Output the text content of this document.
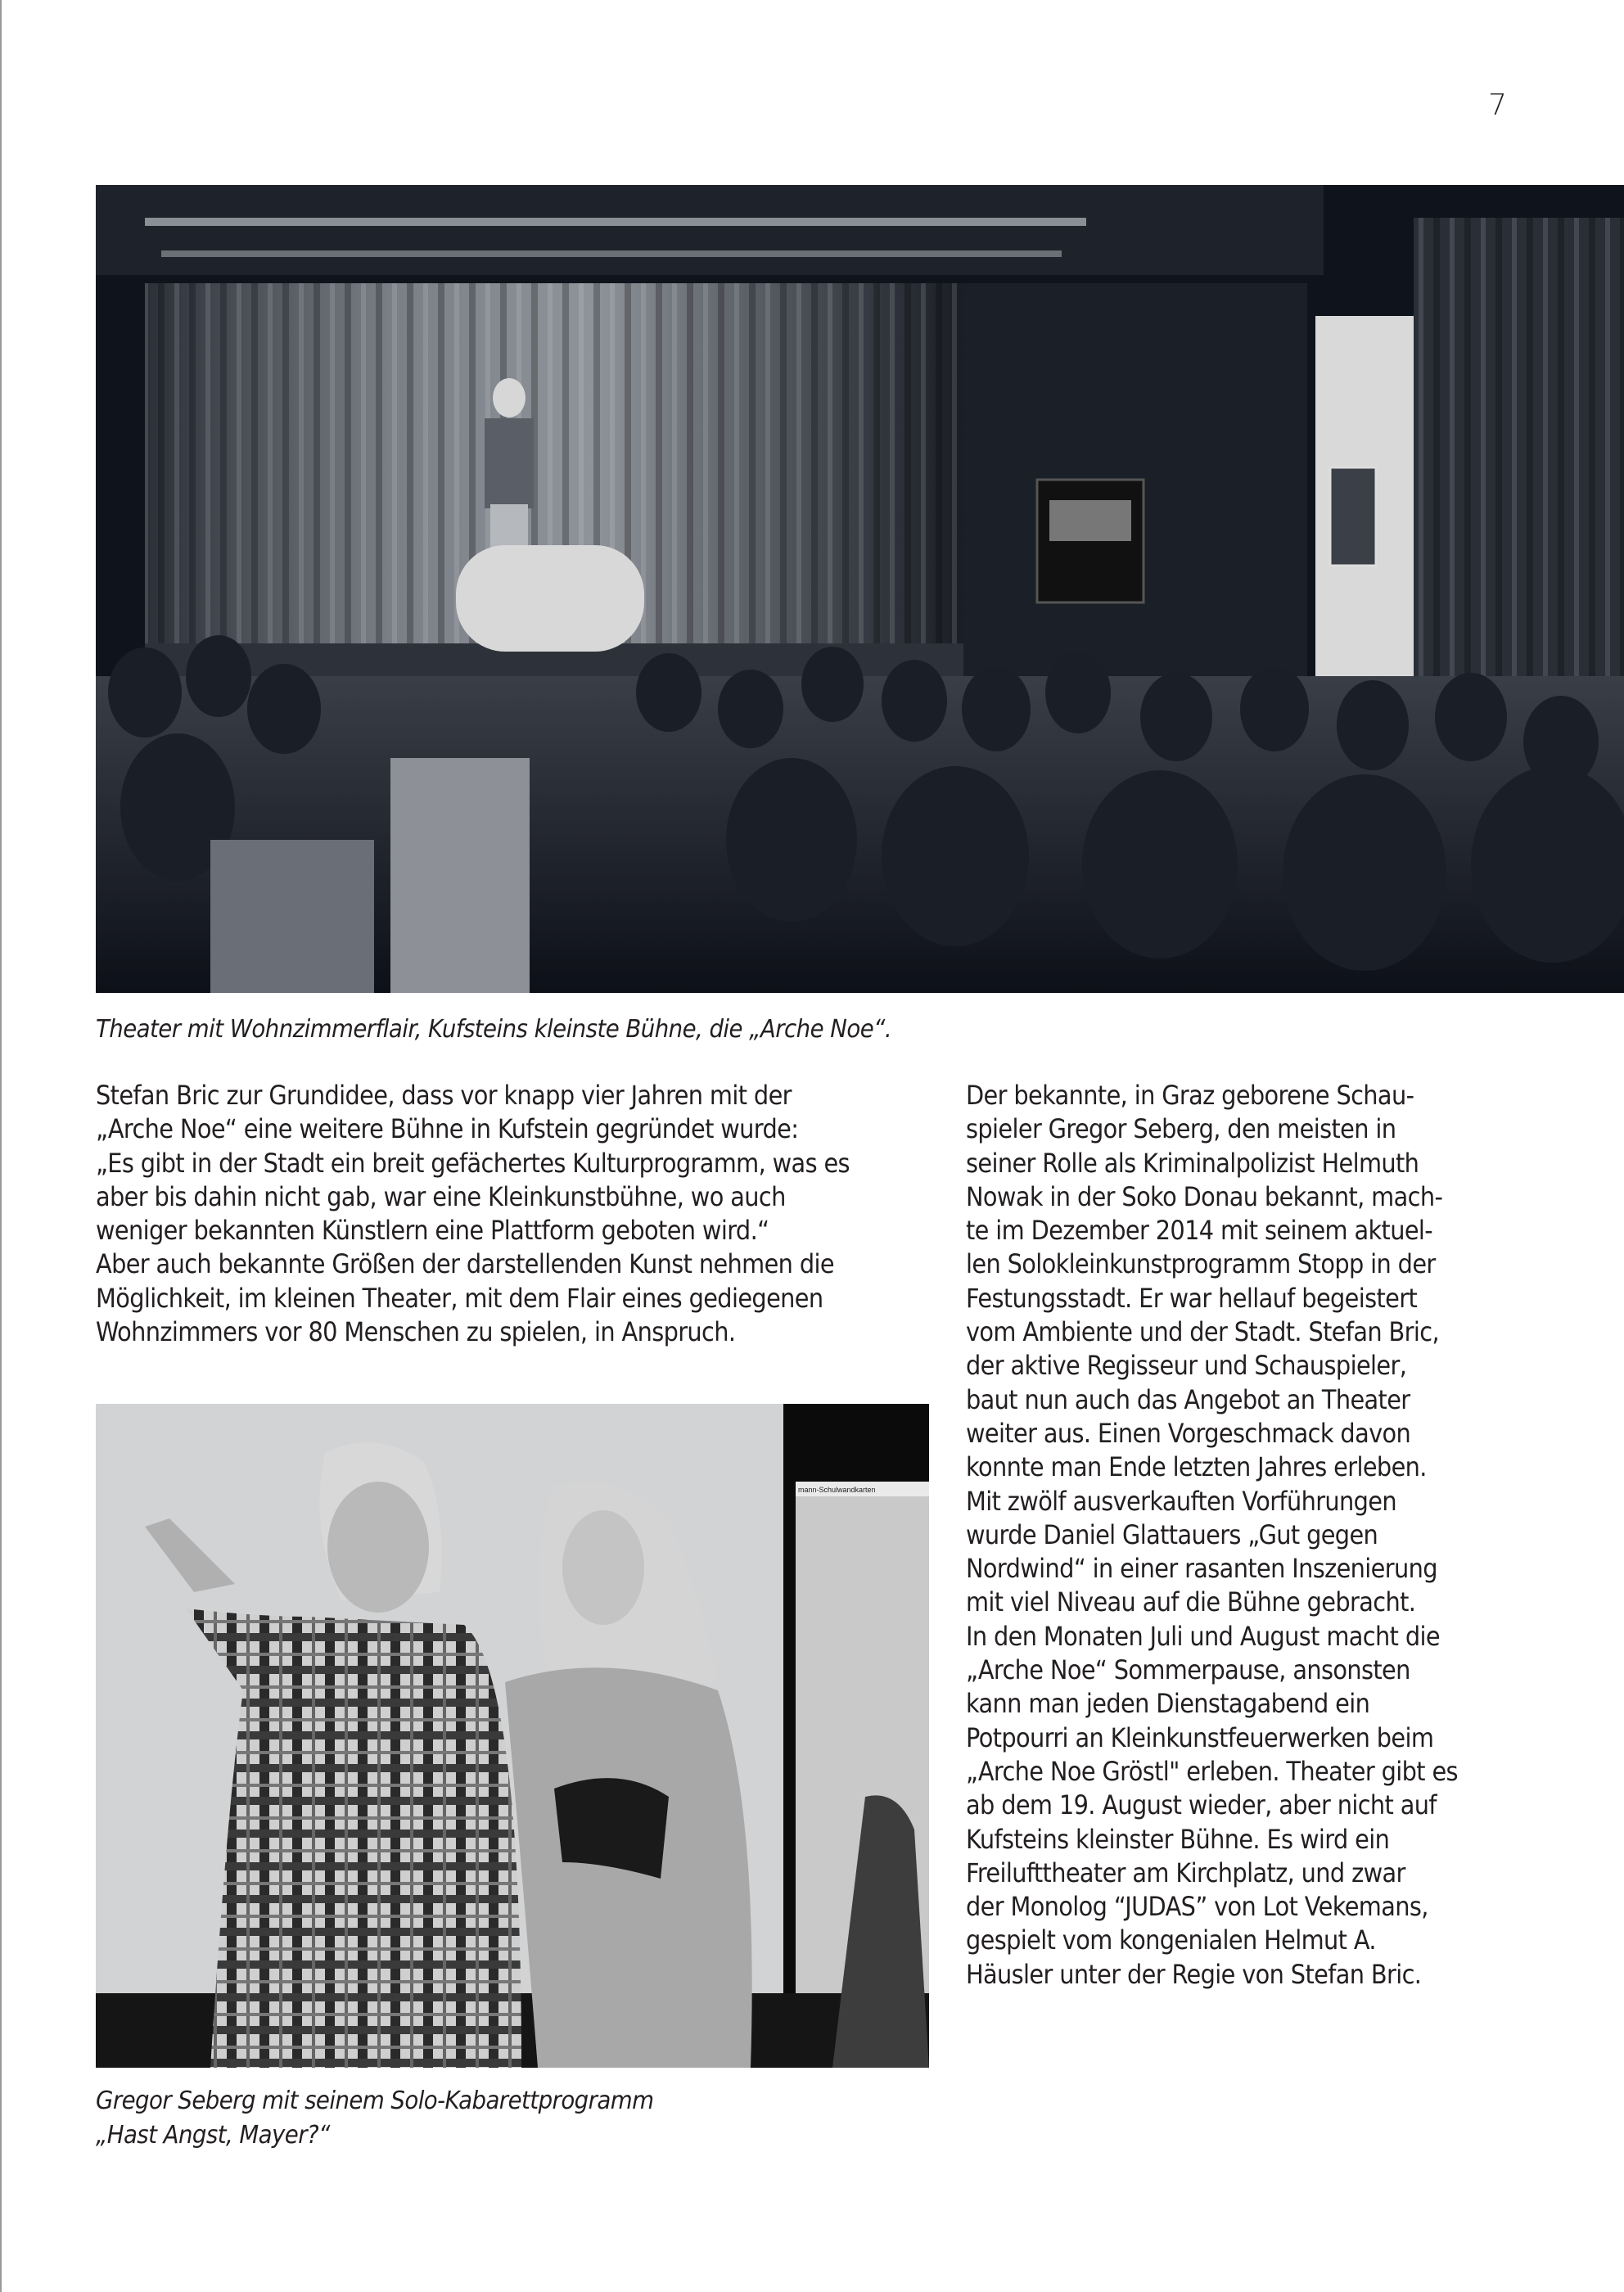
7
Theater mit Wohnzimmerflair, Kufsteins kleinste Bühne, die „Arche Noe“.
Stefan Bric zur Grundidee, dass vor knapp vier Jahren mit der
„Arche Noe“ eine weitere Bühne in Kufstein gegründet wurde:
„Es gibt in der Stadt ein breit gefächertes Kulturprogramm, was es
aber bis dahin nicht gab, war eine Kleinkunstbühne, wo auch
weniger bekannten Künstlern eine Plattform geboten wird.“
Aber auch bekannte Größen der darstellenden Kunst nehmen die
Möglichkeit, im kleinen Theater, mit dem Flair eines gediegenen
Wohnzimmers vor 80 Menschen zu spielen, in Anspruch.
mann-Schulwandkarten
Gregor Seberg mit seinem Solo-Kabarettprogramm
„Hast Angst, Mayer?“
Der bekannte, in Graz geborene Schau-
spieler Gregor Seberg, den meisten in
seiner Rolle als Kriminalpolizist Helmuth
Nowak in der Soko Donau bekannt, mach-
te im Dezember 2014 mit seinem aktuel-
len Solokleinkunstprogramm Stopp in der
Festungsstadt. Er war hellauf begeistert
vom Ambiente und der Stadt. Stefan Bric,
der aktive Regisseur und Schauspieler,
baut nun auch das Angebot an Theater
weiter aus. Einen Vorgeschmack davon
konnte man Ende letzten Jahres erleben.
Mit zwölf ausverkauften Vorführungen
wurde Daniel Glattauers „Gut gegen
Nordwind“ in einer rasanten Inszenierung
mit viel Niveau auf die Bühne gebracht.
In den Monaten Juli und August macht die
„Arche Noe“ Sommerpause, ansonsten
kann man jeden Dienstagabend ein
Potpourri an Kleinkunstfeuerwerken beim
„Arche Noe Gröstl" erleben. Theater gibt es
ab dem 19. August wieder, aber nicht auf
Kufsteins kleinster Bühne. Es wird ein
Freilufttheater am Kirchplatz, und zwar
der Monolog “JUDAS” von Lot Vekemans,
gespielt vom kongenialen Helmut A.
Häusler unter der Regie von Stefan Bric.
